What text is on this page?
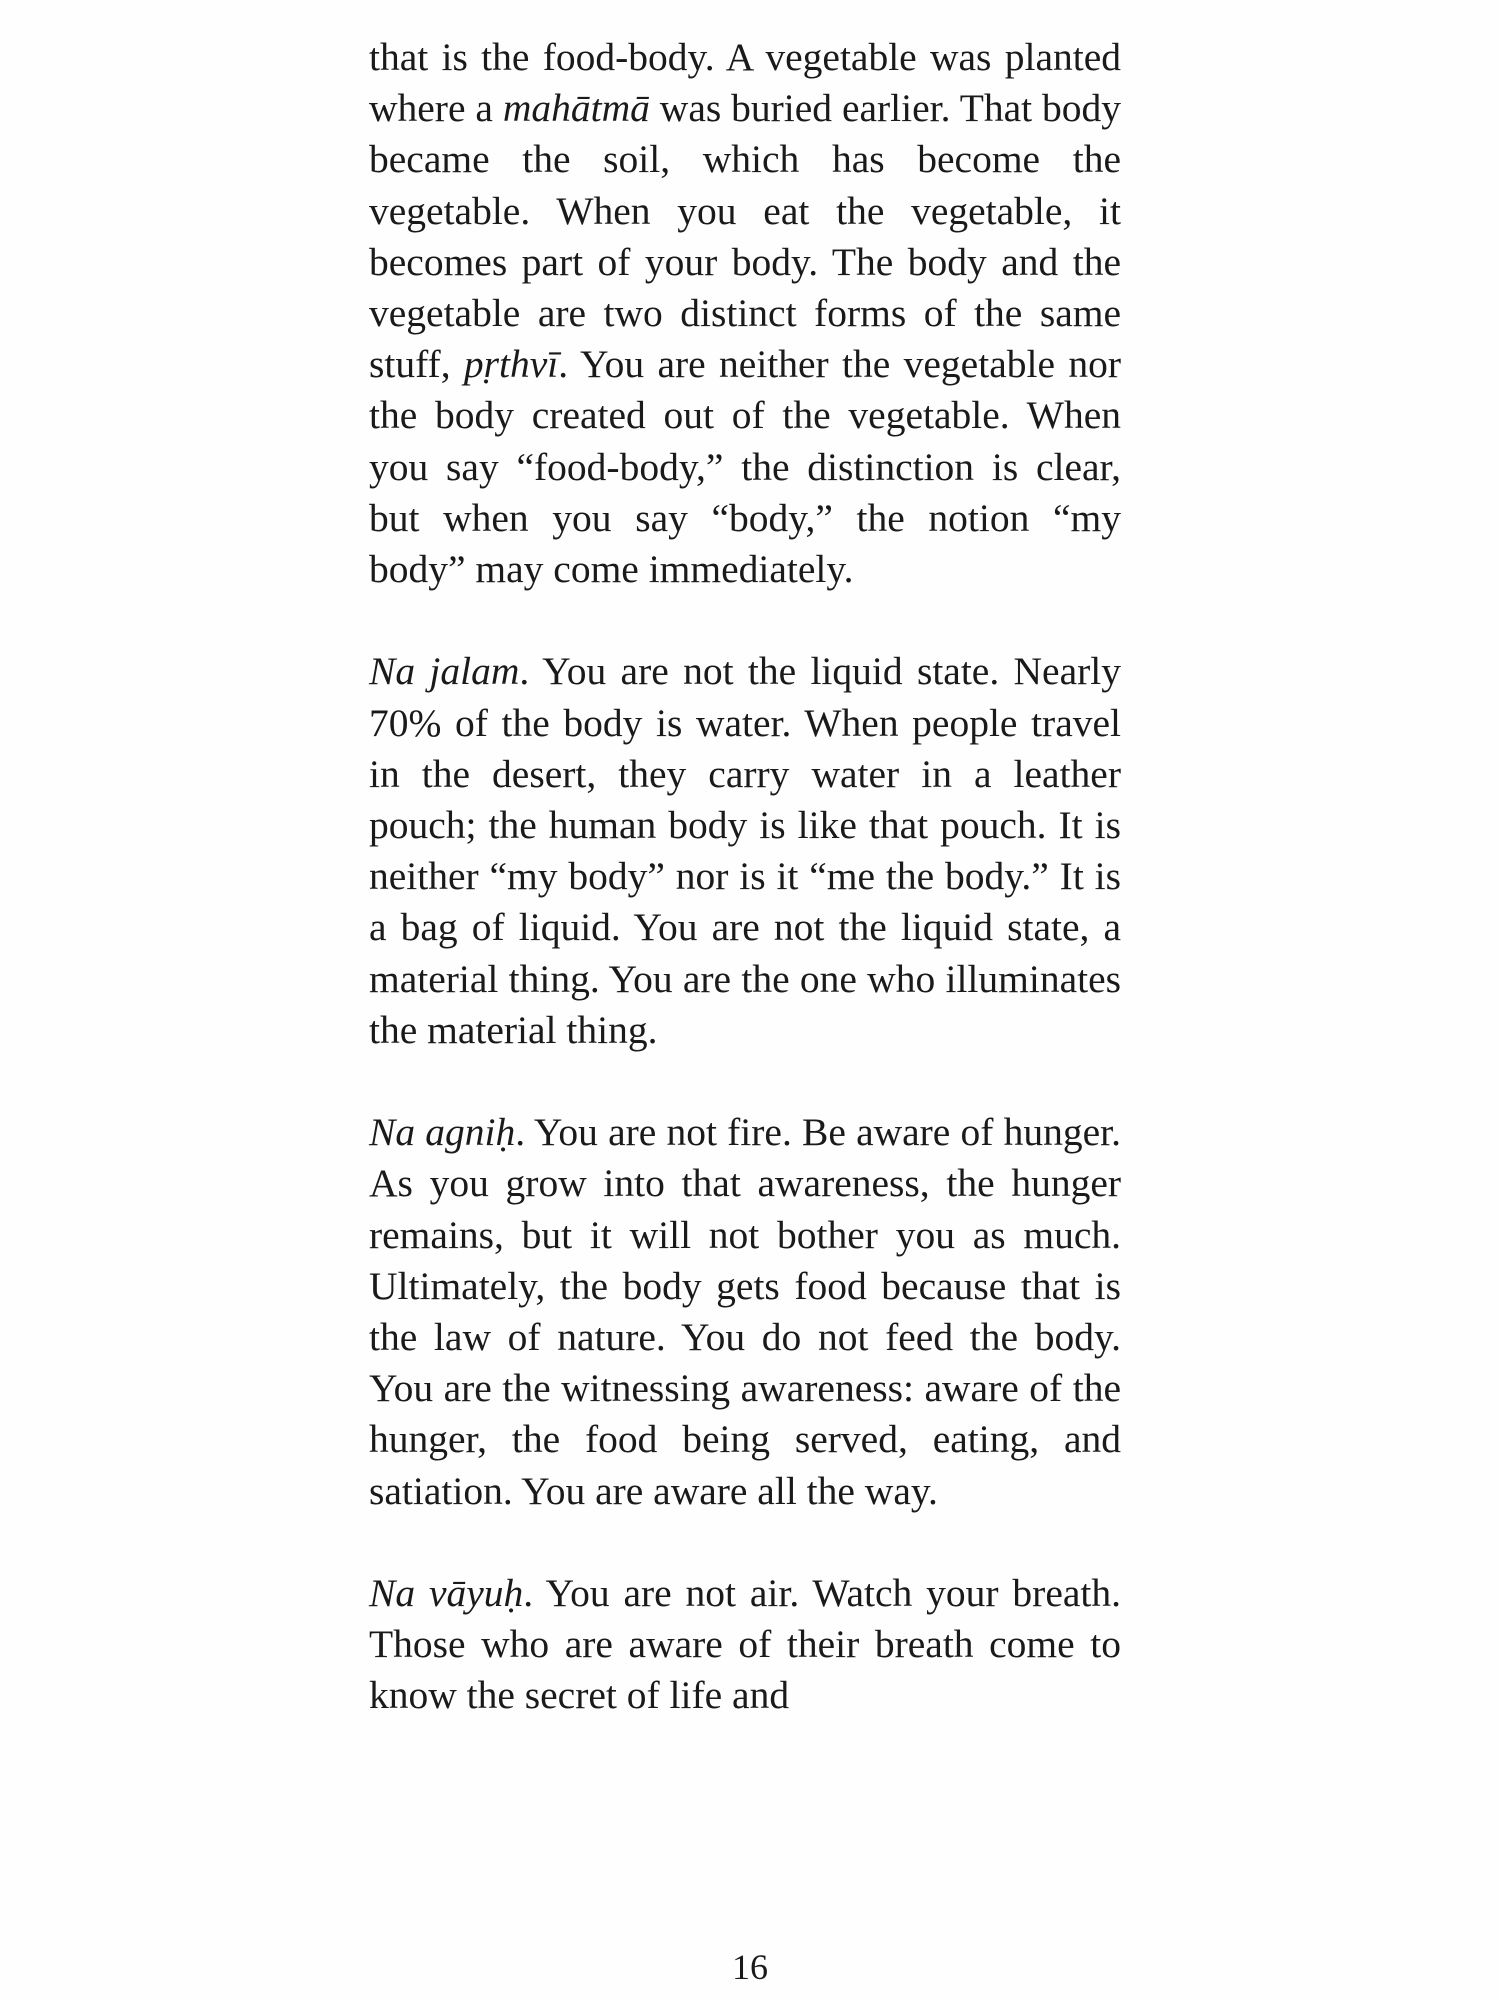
that is the food-body. A vegetable was planted where a mahātmā was buried earlier. That body became the soil, which has become the vegetable. When you eat the vegetable, it becomes part of your body. The body and the vegetable are two distinct forms of the same stuff, pṛthvī. You are neither the vegetable nor the body created out of the vegetable. When you say “food-body,” the distinction is clear, but when you say “body,” the notion “my body” may come immediately.

Na jalam. You are not the liquid state. Nearly 70% of the body is water. When people travel in the desert, they carry water in a leather pouch; the human body is like that pouch. It is neither “my body” nor is it “me the body.” It is a bag of liquid. You are not the liquid state, a material thing. You are the one who illuminates the material thing.

Na agniḥ. You are not fire. Be aware of hunger. As you grow into that awareness, the hunger remains, but it will not bother you as much. Ultimately, the body gets food because that is the law of nature. You do not feed the body. You are the witnessing awareness: aware of the hunger, the food being served, eating, and satiation. You are aware all the way.

Na vāyuḥ. You are not air. Watch your breath. Those who are aware of their breath come to know the secret of life and

16
